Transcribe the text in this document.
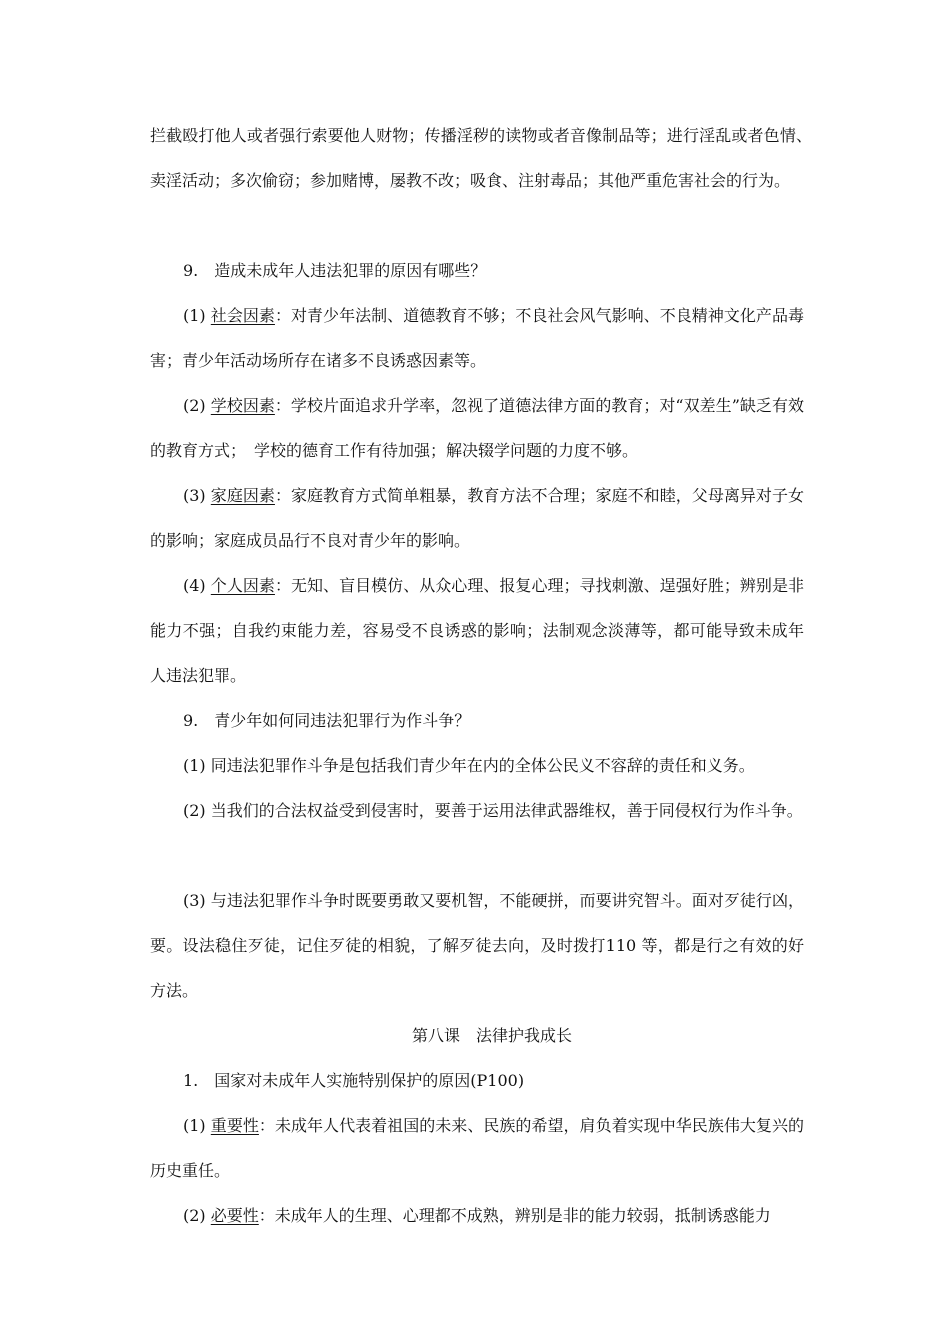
拦截殴打他人或者强行索要他人财物；传播淫秽的读物或者音像制品等；进行淫乱或者色情、　卖淫活动；多次偷窃；参加赌博，屡教不改；吸食、注射毒品；其他严重危害社会的行为。

9.　造成未成年人违法犯罪的原因有哪些？

(1) 社会因素：对青少年法制、道德教育不够；不良社会风气影响、不良精神文化产品毒害；青少年活动场所存在诸多不良诱惑因素等。

(2) 学校因素：学校片面追求升学率，忽视了道德法律方面的教育；对“双差生”缺乏有效的教育方式；　学校的德育工作有待加强；解决辍学问题的力度不够。

(3) 家庭因素：家庭教育方式简单粗暴，教育方法不合理；家庭不和睦，父母离异对子女的影响；家庭成员品行不良对青少年的影响。

(4) 个人因素：无知、盲目模仿、从众心理、报复心理；寻找刺激、逞强好胜；辨别是非能力不强；自我约束能力差，容易受不良诱惑的影响；法制观念淡薄等，都可能导致未成年人违法犯罪。

9.　青少年如何同违法犯罪行为作斗争？

(1) 同违法犯罪作斗争是包括我们青少年在内的全体公民义不容辞的责任和义务。

(2) 当我们的合法权益受到侵害时，要善于运用法律武器维权，善于同侵权行为作斗争。

(3) 与违法犯罪作斗争时既要勇敢又要机智，不能硬拼，而要讲究智斗。面对歹徒行凶，要。设法稳住歹徒，记住歹徒的相貌，了解歹徒去向，及时拨打110 等，都是行之有效的好方法。

第八课　法律护我成长

1.　国家对未成年人实施特别保护的原因(P100)

(1) 重要性：未成年人代表着祖国的未来、民族的希望，肩负着实现中华民族伟大复兴的历史重任。

(2) 必要性：未成年人的生理、心理都不成熟，辨别是非的能力较弱，抵制诱惑能力
